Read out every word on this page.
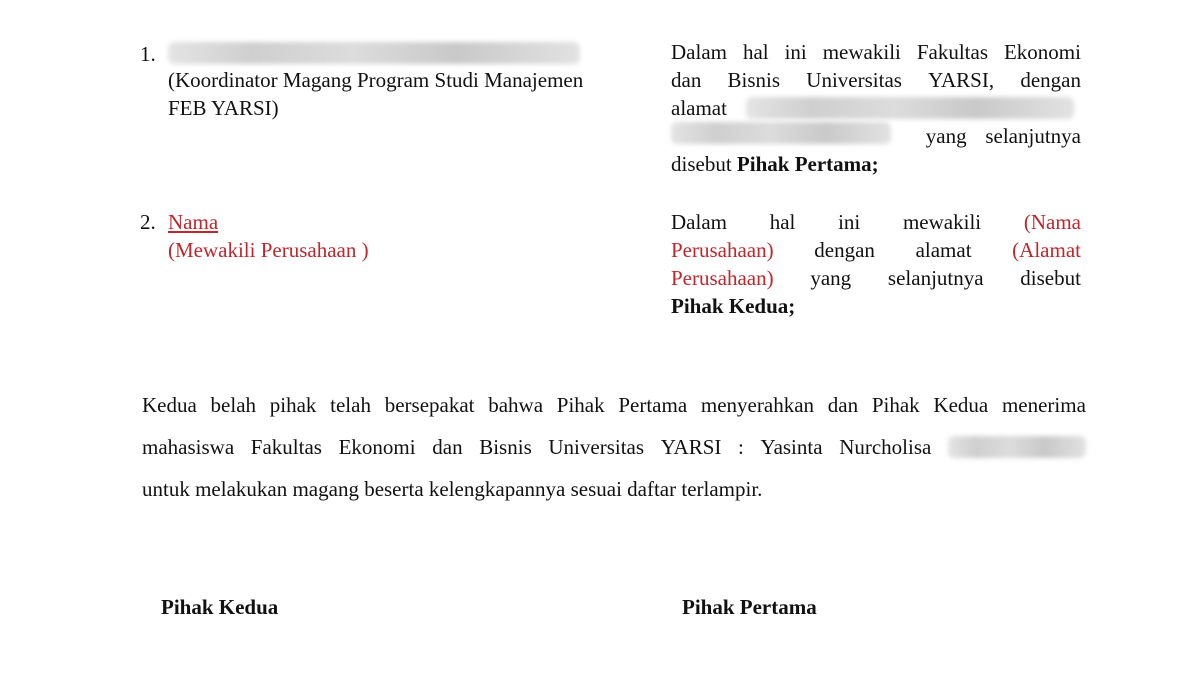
1.
(Koordinator Magang Program Studi Manajemen
FEB YARSI)
Dalam hal ini mewakili Fakultas Ekonomi
dan Bisnis Universitas YARSI, dengan
alamat
yang selanjutnya
disebut Pihak Pertama;
2. Nama
(Mewakili Perusahaan )
Dalam hal ini mewakili (Nama
Perusahaan) dengan alamat (Alamat
Perusahaan) yang selanjutnya disebut
Pihak Kedua;
Kedua belah pihak telah bersepakat bahwa Pihak Pertama menyerahkan dan Pihak Kedua menerima
mahasiswa Fakultas Ekonomi dan Bisnis Universitas YARSI : Yasinta Nurcholisa
untuk melakukan magang beserta kelengkapannya sesuai daftar terlampir.
Pihak Kedua	Pihak Pertama
